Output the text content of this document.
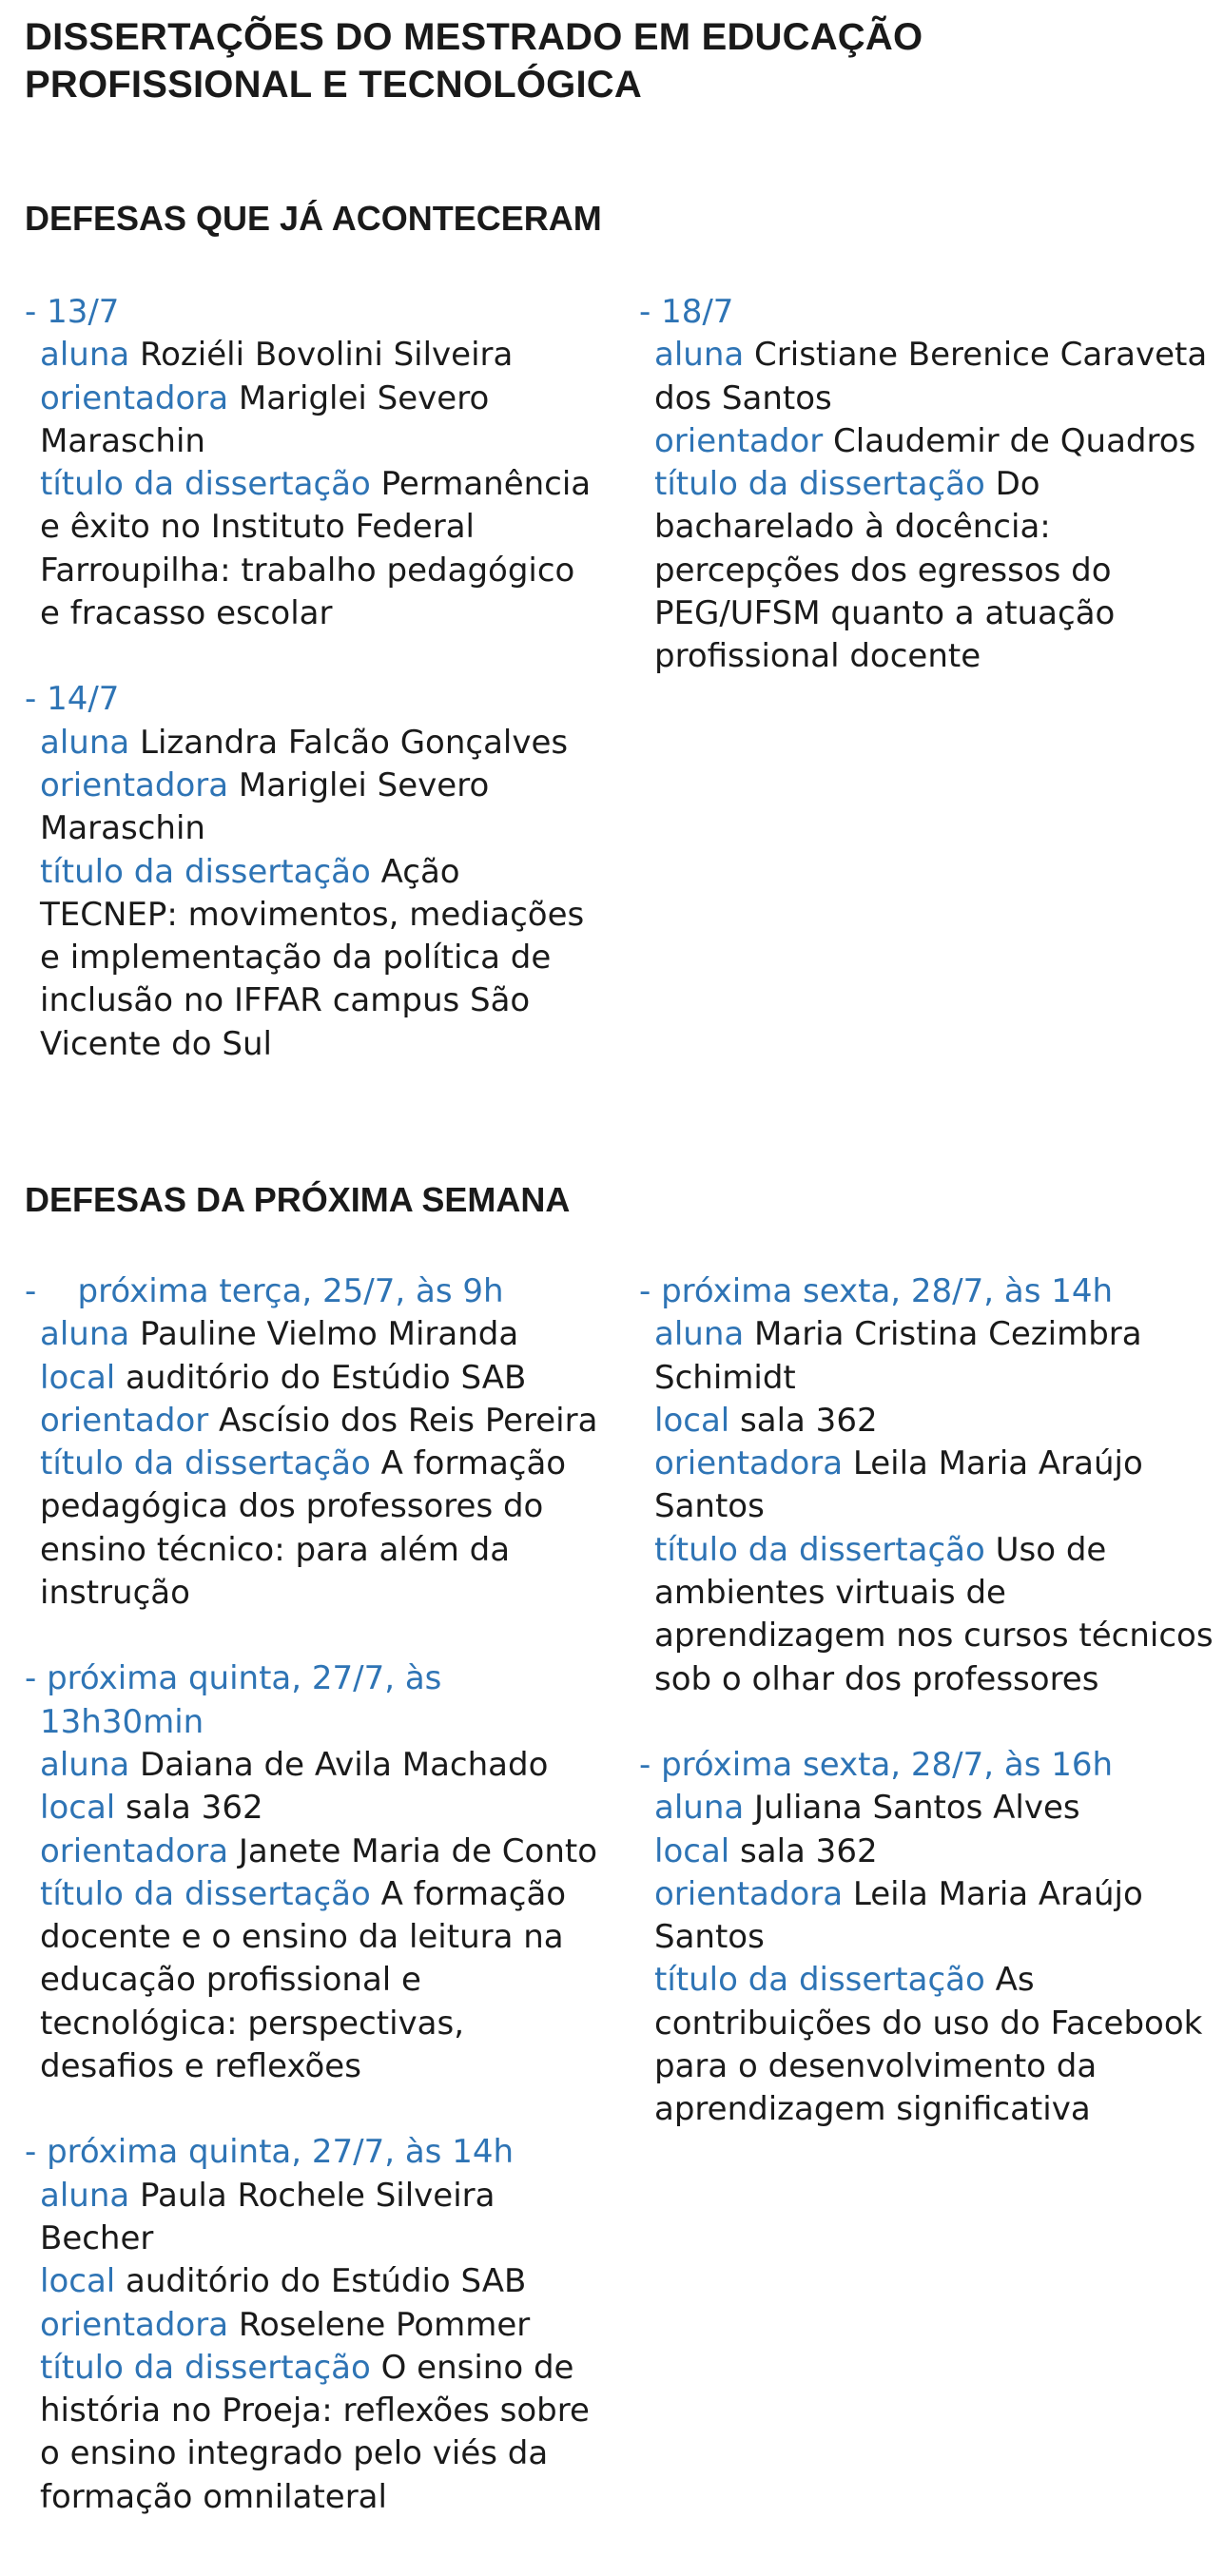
DISSERTAÇÕES DO MESTRADO EM EDUCAÇÃO
PROFISSIONAL E TECNOLÓGICA
DEFESAS QUE JÁ ACONTECERAM
- 13/7
aluna Roziéli Bovolini Silveira
orientadora Mariglei Severo Maraschin
título da dissertação Permanência e êxito no Instituto Federal Farroupilha: trabalho pedagógico e fracasso escolar
- 14/7
aluna Lizandra Falcão Gonçalves
orientadora Mariglei Severo Maraschin
título da dissertação Ação TECNEP: movimentos, mediações e implementação da política de inclusão no IFFAR campus São Vicente do Sul
- 18/7
aluna Cristiane Berenice Caraveta dos Santos
orientador Claudemir de Quadros
título da dissertação Do bacharelado à docência: percepções dos egressos do PEG/UFSM quanto a atuação profissional docente
DEFESAS DA PRÓXIMA SEMANA
-    próxima terça, 25/7, às 9h
aluna Pauline Vielmo Miranda
local auditório do Estúdio SAB
orientador Ascísio dos Reis Pereira
título da dissertação A formação pedagógica dos professores do ensino técnico: para além da instrução
- próxima quinta, 27/7, às
13h30min
aluna Daiana de Avila Machado
local sala 362
orientadora Janete Maria de Conto
título da dissertação A formação docente e o ensino da leitura na educação profissional e tecnológica: perspectivas, desafios e reflexões
- próxima quinta, 27/7, às 14h
aluna Paula Rochele Silveira Becher
local auditório do Estúdio SAB
orientadora Roselene Pommer
título da dissertação O ensino de história no Proeja: reflexões sobre o ensino integrado pelo viés da formação omnilateral
- próxima sexta, 28/7, às 14h
aluna Maria Cristina Cezimbra Schimidt
local sala 362
orientadora Leila Maria Araújo Santos
título da dissertação Uso de ambientes virtuais de aprendizagem nos cursos técnicos sob o olhar dos professores
- próxima sexta, 28/7, às 16h
aluna Juliana Santos Alves
local sala 362
orientadora Leila Maria Araújo Santos
título da dissertação As contribuições do uso do Facebook para o desenvolvimento da aprendizagem significativa
